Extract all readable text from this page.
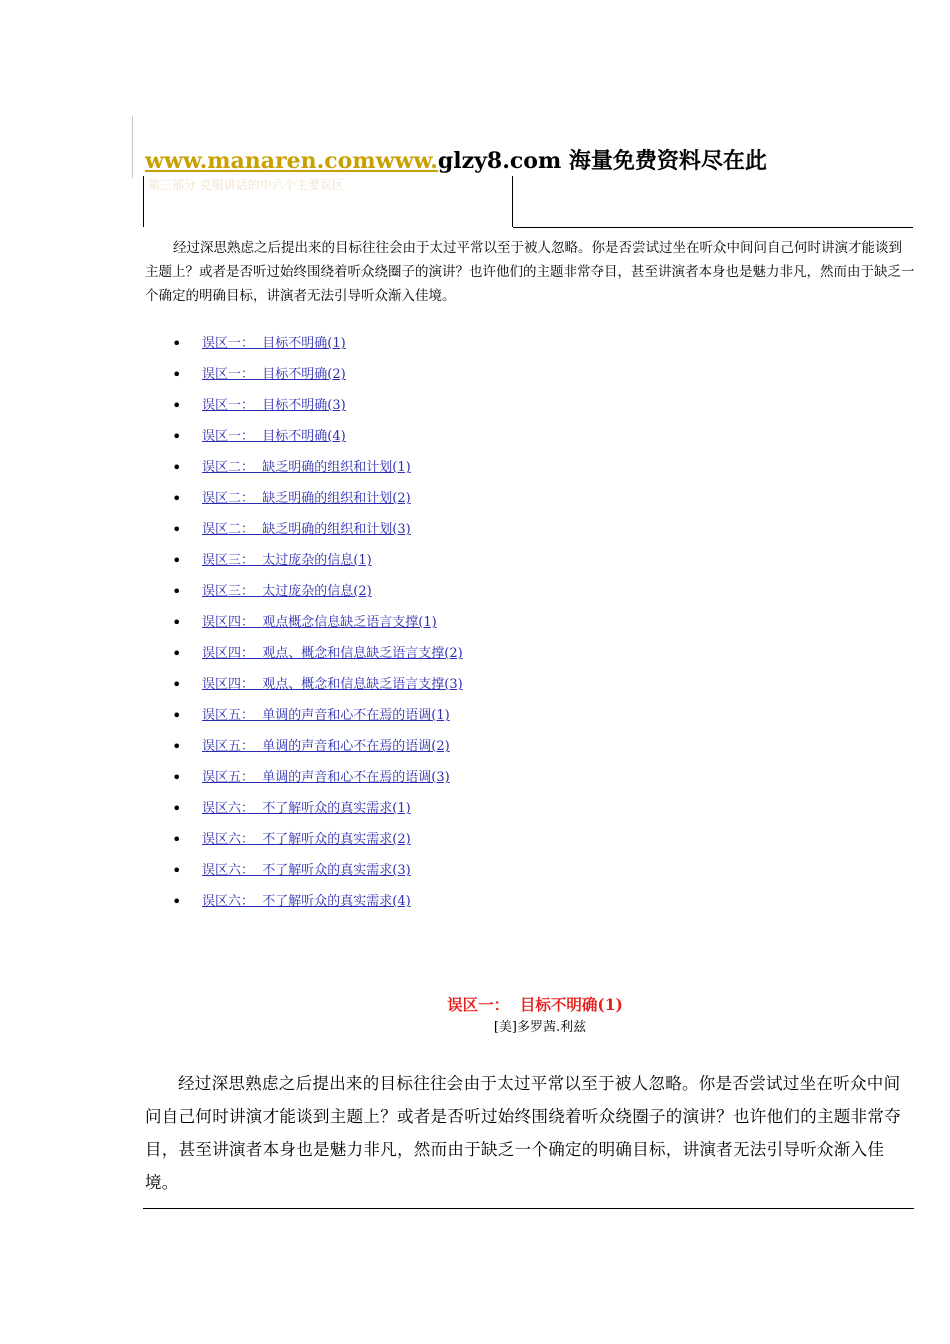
www.manaren.comwww.glzy8.com 海量免费资料尽在此
第三部分 克服讲话的中六个主要误区

经过深思熟虑之后提出来的目标往往会由于太过平常以至于被人忽略。你是否尝试过坐在听众中间问自己何时讲演才能谈到主题上？或者是否听过始终围绕着听众绕圈子的演讲？也许他们的主题非常夺目，甚至讲演者本身也是魅力非凡，然而由于缺乏一个确定的明确目标，讲演者无法引导听众渐入佳境。

• 误区一：  目标不明确(1)
• 误区一：  目标不明确(2)
• 误区一：  目标不明确(3)
• 误区一：  目标不明确(4)
• 误区二：  缺乏明确的组织和计划(1)
• 误区二：  缺乏明确的组织和计划(2)
• 误区二：  缺乏明确的组织和计划(3)
• 误区三：  太过庞杂的信息(1)
• 误区三：  太过庞杂的信息(2)
• 误区四：  观点概念信息缺乏语言支撑(1)
• 误区四：  观点、概念和信息缺乏语言支撑(2)
• 误区四：  观点、概念和信息缺乏语言支撑(3)
• 误区五：  单调的声音和心不在焉的语调(1)
• 误区五：  单调的声音和心不在焉的语调(2)
• 误区五：  单调的声音和心不在焉的语调(3)
• 误区六：  不了解听众的真实需求(1)
• 误区六：  不了解听众的真实需求(2)
• 误区六：  不了解听众的真实需求(3)
• 误区六：  不了解听众的真实需求(4)
误区一：  目标不明确(1)
[美]多罗茜.利兹

经过深思熟虑之后提出来的目标往往会由于太过平常以至于被人忽略。你是否尝试过坐在听众中间问自己何时讲演才能谈到主题上？或者是否听过始终围绕着听众绕圈子的演讲？也许他们的主题非常夺目，甚至讲演者本身也是魅力非凡，然而由于缺乏一个确定的明确目标，讲演者无法引导听众渐入佳境。
